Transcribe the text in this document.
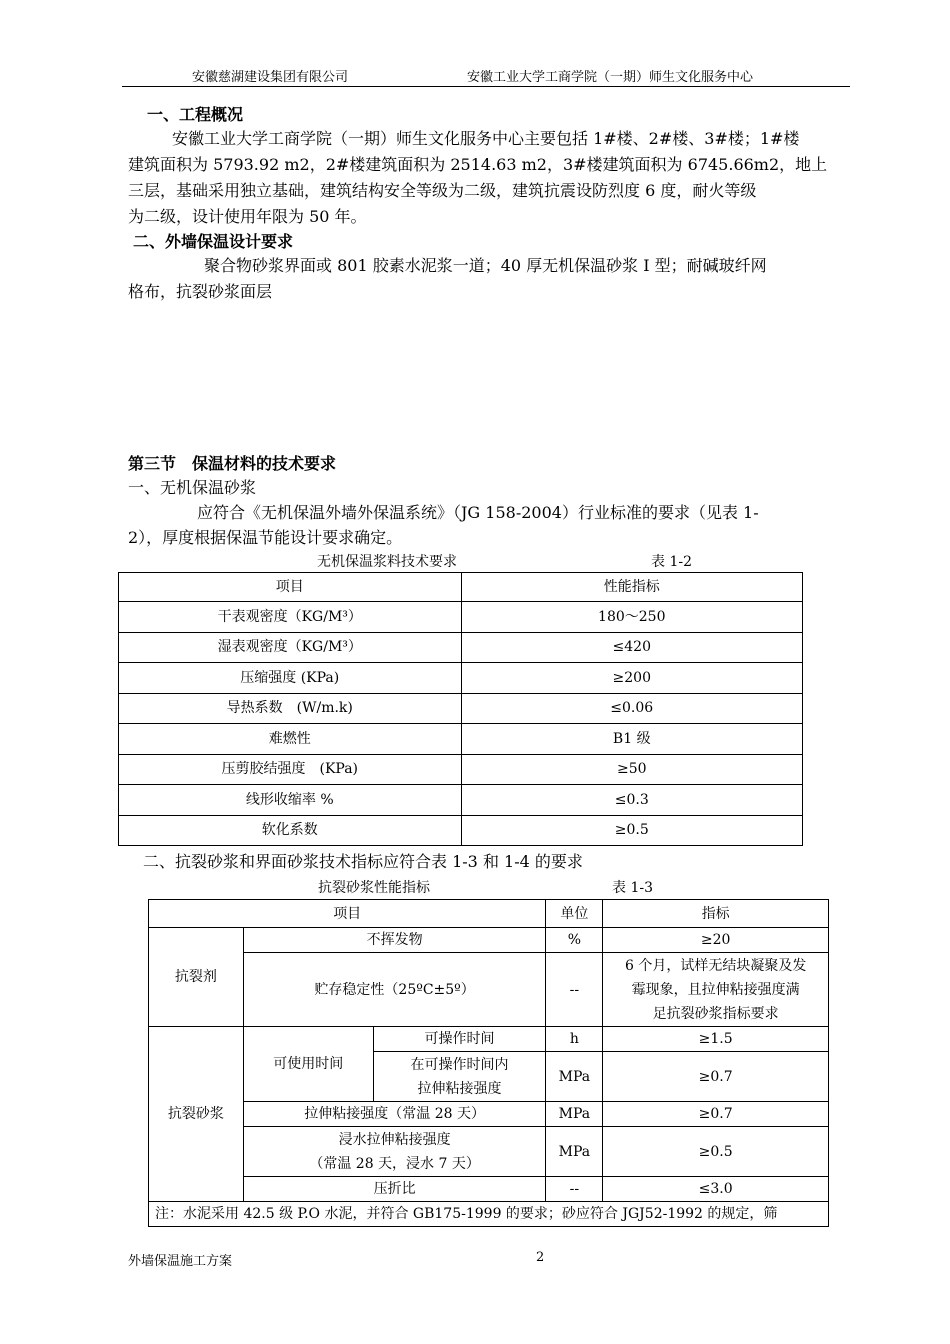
安徽慈湖建设集团有限公司	安徽工业大学工商学院（一期）师生文化服务中心
一、工程概况
安徽工业大学工商学院（一期）师生文化服务中心主要包括 1#楼、2#楼、3#楼；1#楼
建筑面积为 5793.92 m2，2#楼建筑面积为 2514.63 m2，3#楼建筑面积为 6745.66m2，地上
三层，基础采用独立基础，建筑结构安全等级为二级，建筑抗震设防烈度 6 度，耐火等级
为二级，设计使用年限为 50 年。
二、外墙保温设计要求
聚合物砂浆界面或 801 胶素水泥浆一道；40 厚无机保温砂浆 I 型；耐碱玻纤网
格布，抗裂砂浆面层
第三节　保温材料的技术要求
一、无机保温砂浆
应符合《无机保温外墙外保温系统》（JG 158-2004）行业标准的要求（见表 1-
2），厚度根据保温节能设计要求确定。
无机保温浆料技术要求	表 1-2
项目	性能指标
干表观密度（KG/M³）	180～250
湿表观密度（KG/M³）	≤420
压缩强度 (KPa)	≥200
导热系数　(W/m.k)	≤0.06
难燃性	B1 级
压剪胶结强度　(KPa)	≥50
线形收缩率 %	≤0.3
软化系数	≥0.5
二、抗裂砂浆和界面砂浆技术指标应符合表 1-3 和 1-4 的要求
抗裂砂浆性能指标	表 1-3
项目			单位	指标
抗裂剂	不挥发物		%	≥20
	贮存稳定性（25ºC±5º）		--	6 个月，试样无结块凝聚及发
霉现象，且拉伸粘接强度满
足抗裂砂浆指标要求

抗裂砂浆	可使用时间	可操作时间	h	≥1.5

		在可操作时间内
拉伸粘接强度	MPa	≥0.7
	拉伸粘接强度（常温 28 天）		MPa	≥0.7

	浸水拉伸粘接强度
（常温 28 天，浸水 7 天）		MPa	≥0.5
	压折比		--	≤3.0
注：水泥采用 42.5 级 P.O 水泥，并符合 GB175-1999 的要求；砂应符合 JGJ52-1992 的规定，筛				
外墙保温施工方案	2
